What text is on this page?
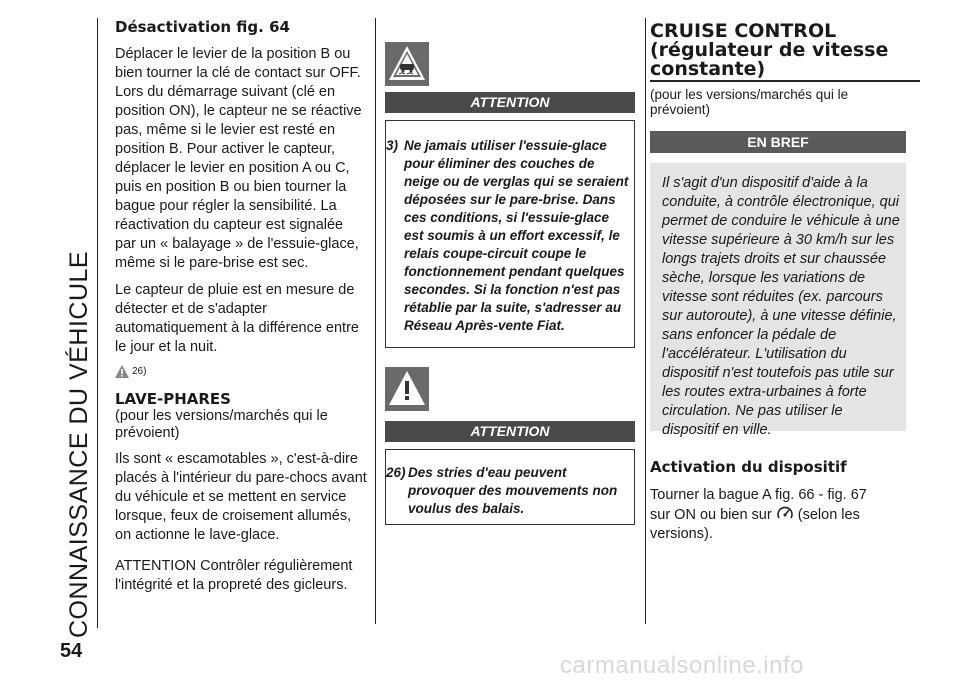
CONNAISSANCE DU VÉHICULE
54
Désactivation fig. 64

Déplacer le levier de la position B ou bien tourner la clé de contact sur OFF. Lors du démarrage suivant (clé en position ON), le capteur ne se réactive pas, même si le levier est resté en position B. Pour activer le capteur, déplacer le levier en position A ou C, puis en position B ou bien tourner la bague pour régler la sensibilité. La réactivation du capteur est signalée par un « balayage » de l'essuie-glace, même si le pare-brise est sec.

Le capteur de pluie est en mesure de détecter et de s'adapter automatiquement à la différence entre le jour et la nuit.

26)
LAVE-PHARES

(pour les versions/marchés qui le prévoient)

Ils sont « escamotables », c'est-à-dire placés à l'intérieur du pare-chocs avant du véhicule et se mettent en service lorsque, feux de croisement allumés, on actionne le lave-glace.

ATTENTION Contrôler régulièrement l'intégrité et la propreté des gicleurs.

ATTENTION
3) Ne jamais utiliser l'essuie-glace pour éliminer des couches de neige ou de verglas qui se seraient déposées sur le pare-brise. Dans ces conditions, si l'essuie-glace est soumis à un effort excessif, le relais coupe-circuit coupe le fonctionnement pendant quelques secondes. Si la fonction n'est pas rétablie par la suite, s'adresser au Réseau Après-vente Fiat.
ATTENTION
26) Des stries d'eau peuvent provoquer des mouvements non voulus des balais.
CRUISE CONTROL (régulateur de vitesse constante)

(pour les versions/marchés qui le prévoient)

EN BREF
Il s'agit d'un dispositif d'aide à la conduite, à contrôle électronique, qui permet de conduire le véhicule à une vitesse supérieure à 30 km/h sur les longs trajets droits et sur chaussée sèche, lorsque les variations de vitesse sont réduites (ex. parcours sur autoroute), à une vitesse définie, sans enfoncer la pédale de l'accélérateur. L'utilisation du dispositif n'est toutefois pas utile sur les routes extra-urbaines à forte circulation. Ne pas utiliser le dispositif en ville.
Activation du dispositif

Tourner la bague A fig. 66 - fig. 67 sur ON ou bien sur (selon les versions).

carmanualsonline.info
